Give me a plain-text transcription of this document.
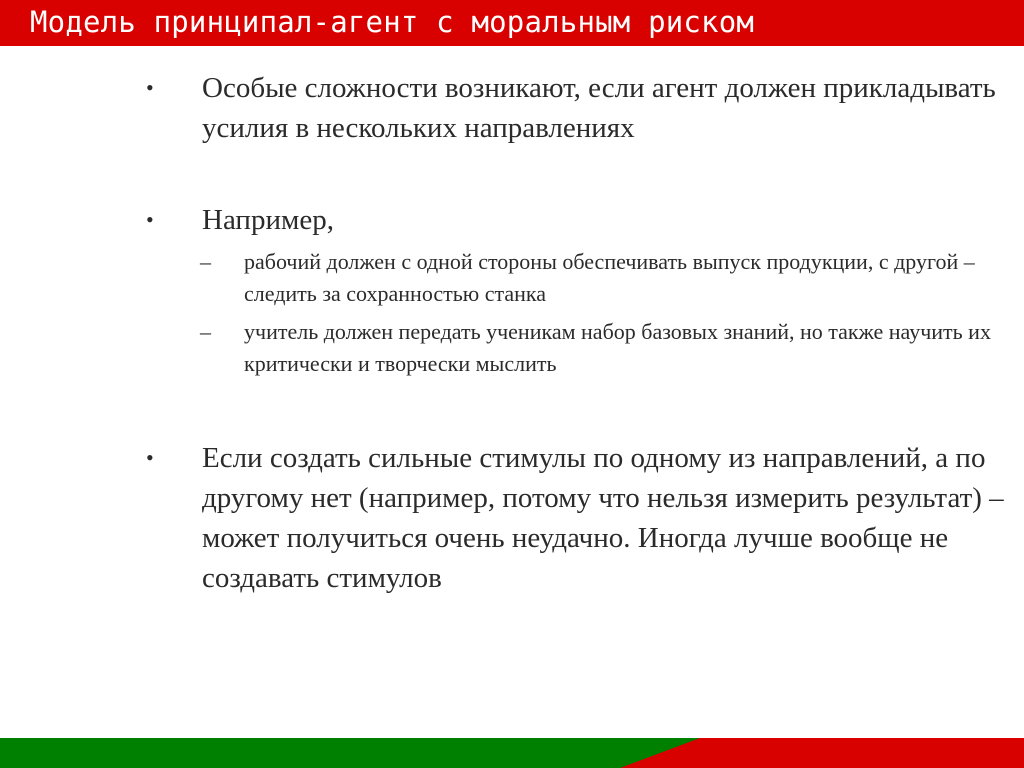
Модель принципал-агент с моральным риском
• Особые сложности возникают, если агент должен прикладывать усилия в нескольких направлениях
• Например,
– рабочий должен с одной стороны обеспечивать выпуск продукции, с другой – следить за сохранностью станка
– учитель должен передать ученикам набор базовых знаний, но также научить их критически и творчески мыслить
• Если создать сильные стимулы по одному из направлений, а по другому нет (например, потому что нельзя измерить результат) – может получиться очень неудачно. Иногда лучше вообще не создавать стимулов
